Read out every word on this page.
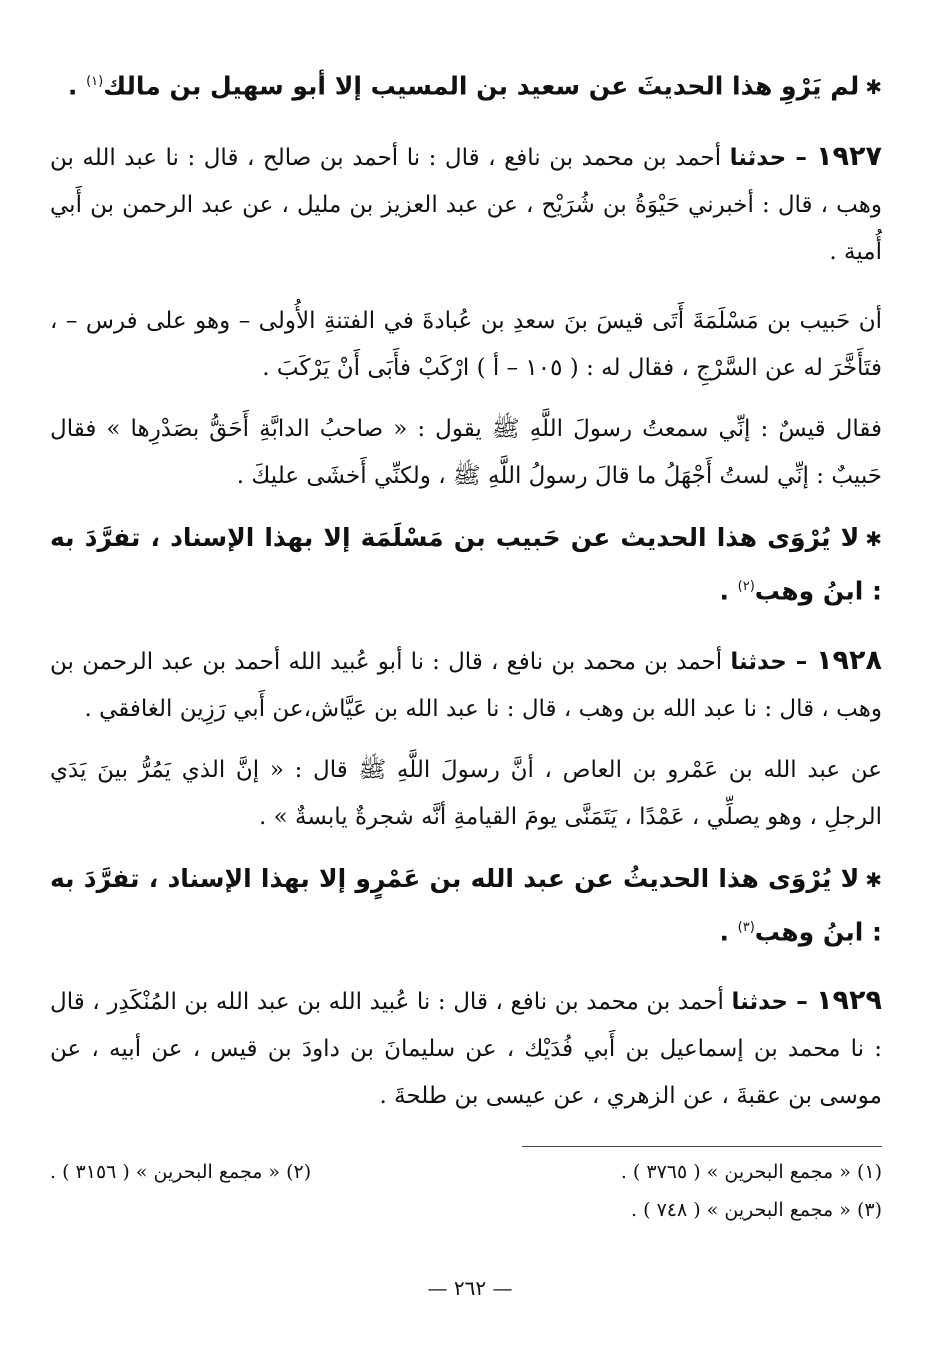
✱لم يَرْوِ هذا الحديثَ عن سعيد بن المسيب إلا أبو سهيل بن مالك$^{(١)}$ .

١٩٢٧ – حدثنا أحمد بن محمد بن نافع ، قال : نا أحمد بن صالح ، قال : نا عبد الله بن وهب ، قال : أخبرني حَيْوَةُ بن شُرَيْح ، عن عبد العزيز بن مليل ، عن عبد الرحمن بن أَبي أُمية .

أن حَبيب بن مَسْلَمَةَ أَتَى قيسَ بنَ سعدِ بن عُبادةَ في الفتنةِ الأُولى – وهو على فرس – ، فتَأَخَّرَ له عن السَّرْجِ ، فقال له : ( ١٠٥ – أ ) ارْكَبْ فأَبَى أَنْ يَرْكَبَ .

فقال قيسٌ : إنِّي سمعتُ رسولَ اللَّهِ ﷺ يقول : « صاحبُ الدابَّةِ أَحَقُّ بصَدْرِها » فقال حَبيبٌ : إنِّي لستُ أَجْهَلُ ما قالَ رسولُ اللَّهِ ﷺ ، ولكنِّي أَخشَى عليكَ .

✱لا يُرْوَى هذا الحديث عن حَبيب بن مَسْلَمَة إلا بهذا الإسناد ، تفرَّدَ به : ابنُ وهب$^{(٢)}$ .

١٩٢٨ – حدثنا أحمد بن محمد بن نافع ، قال : نا أبو عُبيد الله أحمد بن عبد الرحمن بن وهب ، قال : نا عبد الله بن وهب ، قال : نا عبد الله بن عَيَّاش،عن أَبي رَزِين الغافقي .

عن عبد الله بن عَمْرو بن العاص ، أنَّ رسولَ اللَّهِ ﷺ قال : « إنَّ الذي يَمُرُّ بينَ يَدَي الرجلِ ، وهو يصلِّي ، عَمْدًا ، يَتَمَنَّى يومَ القيامةِ أنَّه شجرةٌ يابسةٌ » .

✱لا يُرْوَى هذا الحديثُ عن عبد الله بن عَمْرٍو إلا بهذا الإسناد ، تفرَّدَ به : ابنُ وهب$^{(٣)}$ .

١٩٢٩ – حدثنا أحمد بن محمد بن نافع ، قال : نا عُبيد الله بن عبد الله بن المُنْكَدِر ، قال : نا محمد بن إسماعيل بن أَبي فُدَيْك ، عن سليمانَ بن داودَ بن قيس ، عن أبيه ، عن موسى بن عقبةَ ، عن الزهري ، عن عيسى بن طلحةَ .

(١) « مجمع البحرين » ( ٣٧٦٥ ) .
(٢) « مجمع البحرين » ( ٣١٥٦ ) .
(٣) « مجمع البحرين » ( ٧٤٨ ) .
— ٢٦٢ —
